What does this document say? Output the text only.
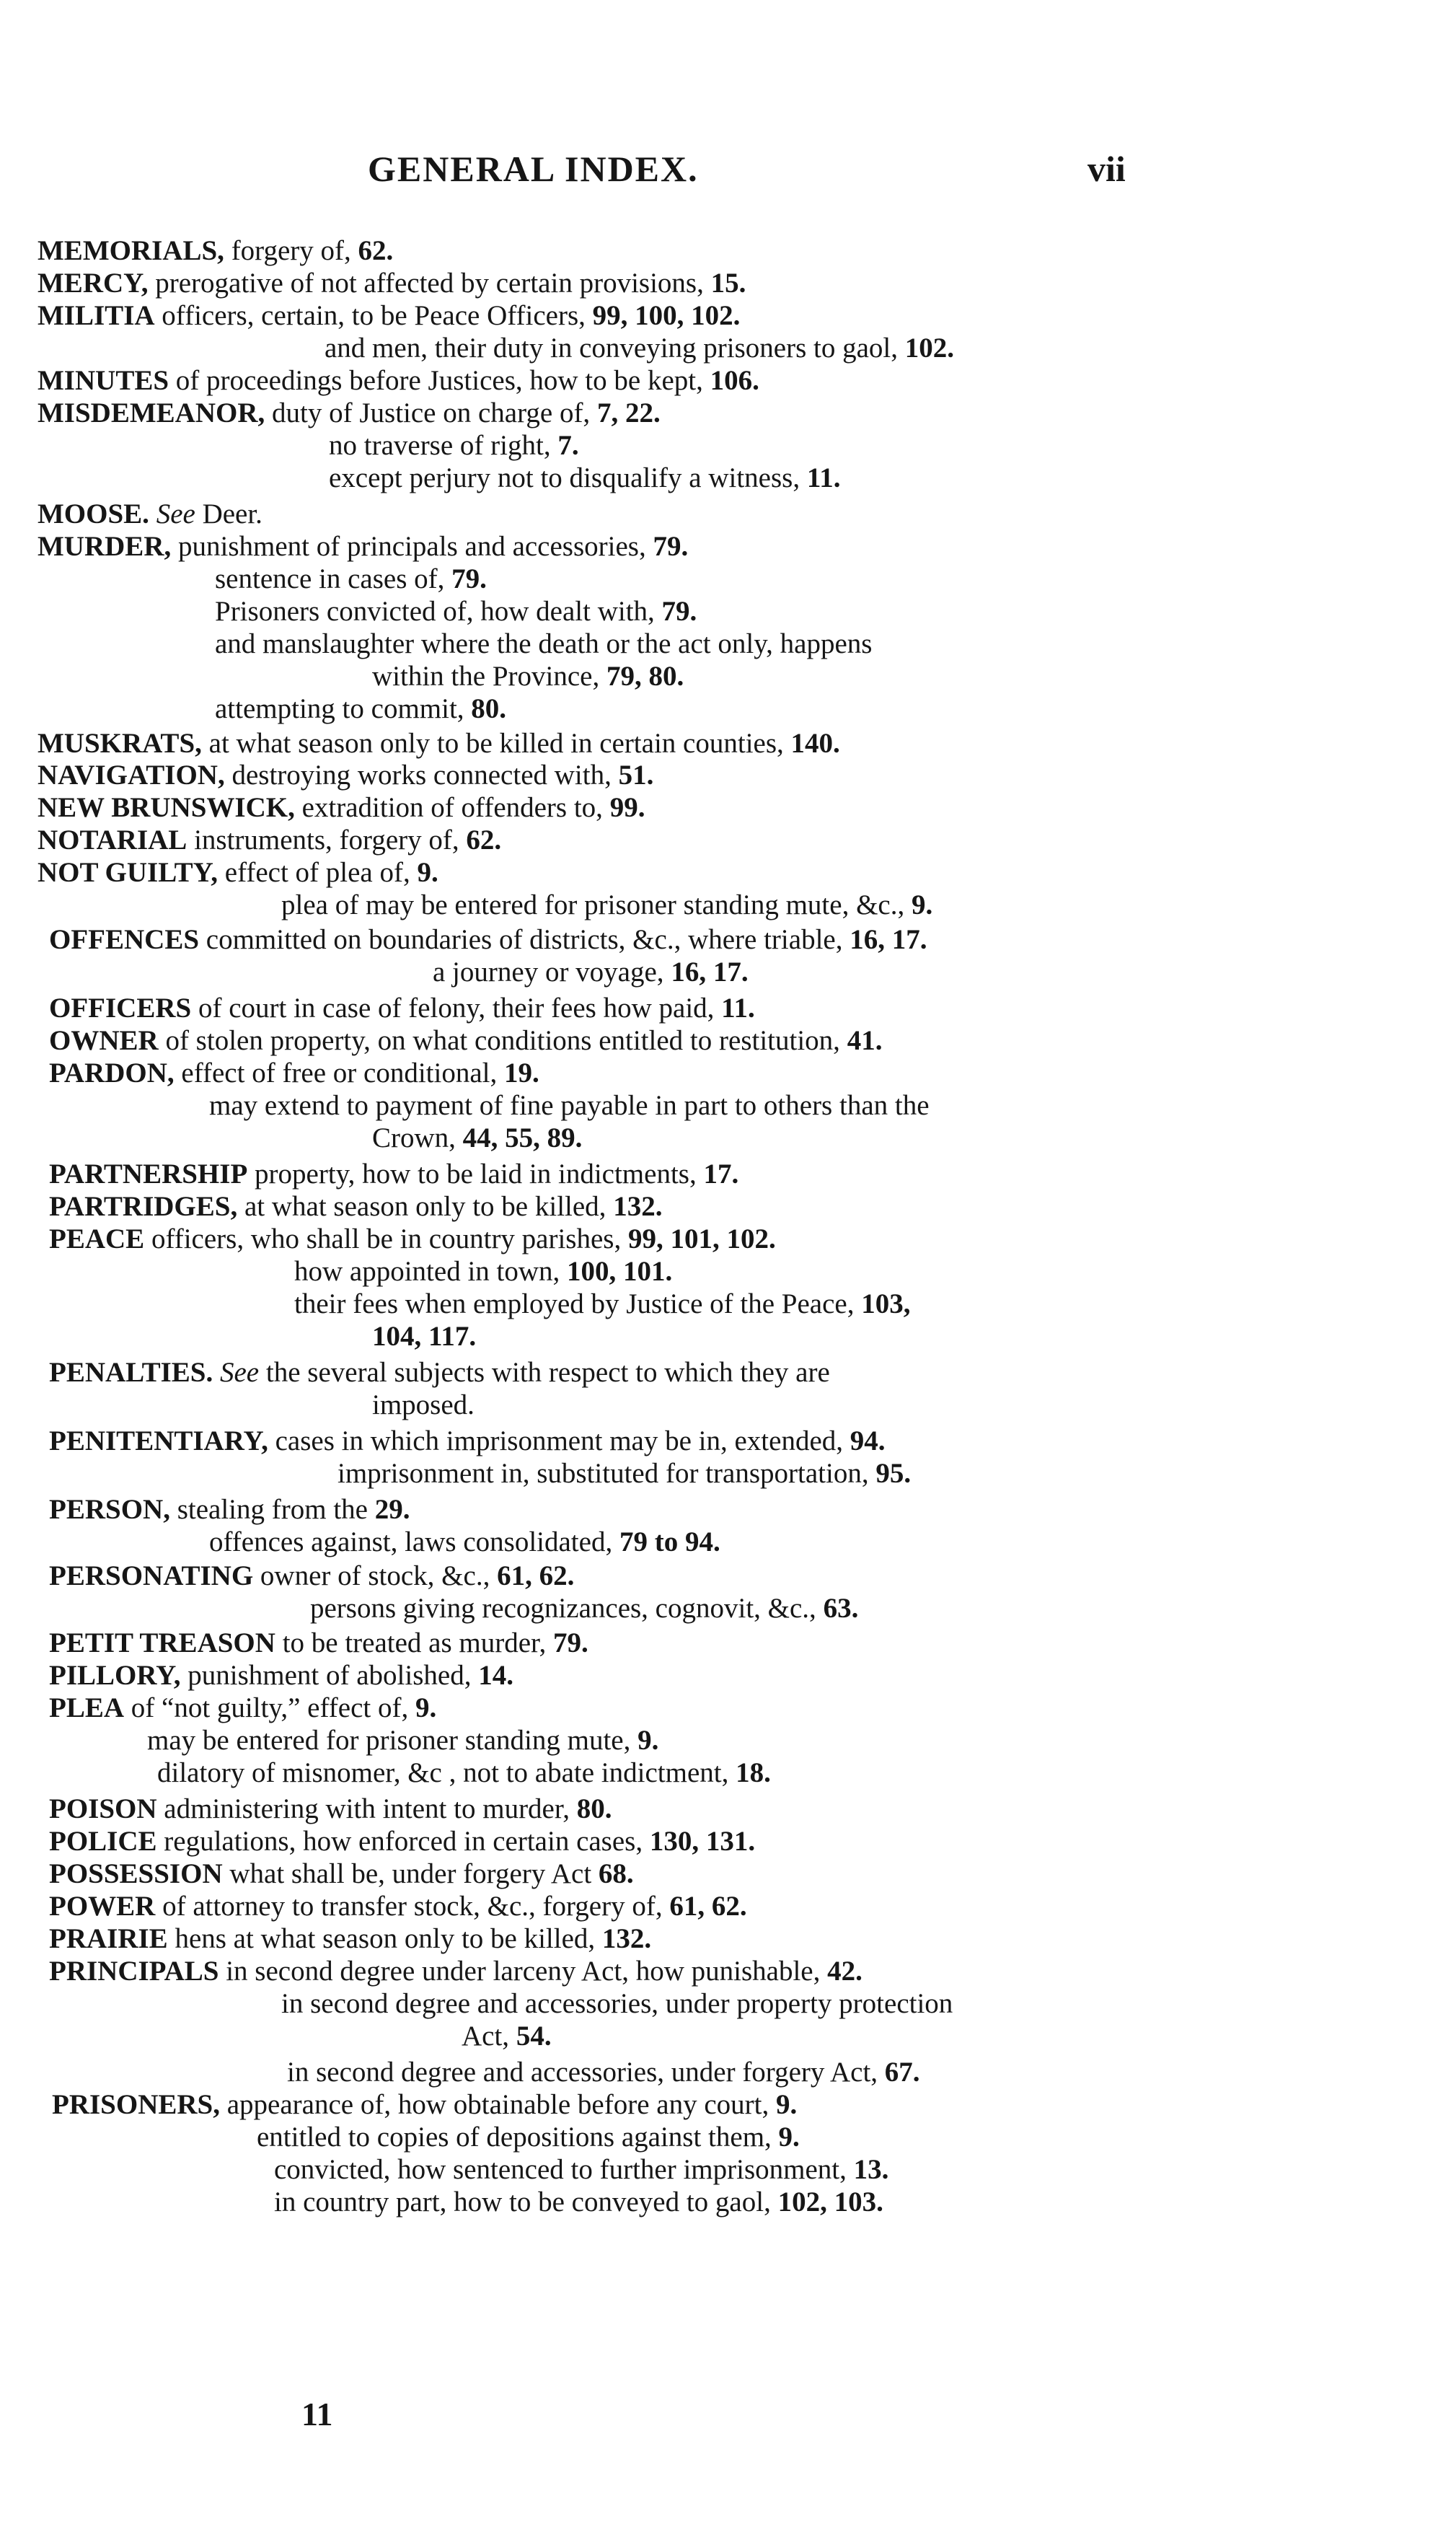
GENERAL INDEX.	vii
MEMORIALS, forgery of, 62.
MERCY, prerogative of not affected by certain provisions, 15.
MILITIA officers, certain, to be Peace Officers, 99, 100, 102.
and men, their duty in conveying prisoners to gaol, 102.
MINUTES of proceedings before Justices, how to be kept, 106.
MISDEMEANOR, duty of Justice on charge of, 7, 22.
no traverse of right, 7.
except perjury not to disqualify a witness, 11.
MOOSE. See Deer.
MURDER, punishment of principals and accessories, 79.
sentence in cases of, 79.
Prisoners convicted of, how dealt with, 79.
and manslaughter where the death or the act only, happens
within the Province, 79, 80.
attempting to commit, 80.
MUSKRATS, at what season only to be killed in certain counties, 140.
NAVIGATION, destroying works connected with, 51.
NEW BRUNSWICK, extradition of offenders to, 99.
NOTARIAL instruments, forgery of, 62.
NOT GUILTY, effect of plea of, 9.
plea of may be entered for prisoner standing mute, &c., 9.
OFFENCES committed on boundaries of districts, &c., where triable, 16, 17.
a journey or voyage, 16, 17.
OFFICERS of court in case of felony, their fees how paid, 11.
OWNER of stolen property, on what conditions entitled to restitution, 41.
PARDON, effect of free or conditional, 19.
may extend to payment of fine payable in part to others than the
Crown, 44, 55, 89.
PARTNERSHIP property, how to be laid in indictments, 17.
PARTRIDGES, at what season only to be killed, 132.
PEACE officers, who shall be in country parishes, 99, 101, 102.
how appointed in town, 100, 101.
their fees when employed by Justice of the Peace, 103,
104, 117.
PENALTIES. See the several subjects with respect to which they are
imposed.
PENITENTIARY, cases in which imprisonment may be in, extended, 94.
imprisonment in, substituted for transportation, 95.
PERSON, stealing from the 29.
offences against, laws consolidated, 79 to 94.
PERSONATING owner of stock, &c., 61, 62.
persons giving recognizances, cognovit, &c., 63.
PETIT TREASON to be treated as murder, 79.
PILLORY, punishment of abolished, 14.
PLEA of “not guilty,” effect of, 9.
may be entered for prisoner standing mute, 9.
dilatory of misnomer, &c , not to abate indictment, 18.
POISON administering with intent to murder, 80.
POLICE regulations, how enforced in certain cases, 130, 131.
POSSESSION what shall be, under forgery Act 68.
POWER of attorney to transfer stock, &c., forgery of, 61, 62.
PRAIRIE hens at what season only to be killed, 132.
PRINCIPALS in second degree under larceny Act, how punishable, 42.
in second degree and accessories, under property protection
Act, 54.
in second degree and accessories, under forgery Act, 67.
PRISONERS, appearance of, how obtainable before any court, 9.
entitled to copies of depositions against them, 9.
convicted, how sentenced to further imprisonment, 13.
in country part, how to be conveyed to gaol, 102, 103.
11
